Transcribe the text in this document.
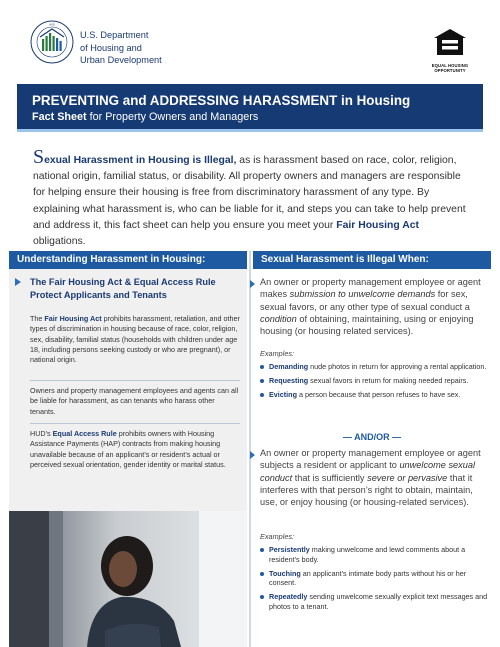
HUD
U.S. Department
of Housing and
Urban Development
EQUAL HOUSING
OPPORTUNITY
PREVENTING and ADDRESSING HARASSMENT in Housing
Fact Sheet for Property Owners and Managers
Sexual Harassment in Housing is Illegal, as is harassment based on race, color, religion, national origin, familial status, or disability. All property owners and managers are responsible for helping ensure their housing is free from discriminatory harassment of any type. By explaining what harassment is, who can be liable for it, and steps you can take to help prevent and address it, this fact sheet can help you ensure you meet your Fair Housing Act obligations.
Understanding Harassment in Housing:	Sexual Harassment is Illegal When:
The Fair Housing Act & Equal Access Rule Protect Applicants and Tenants
The Fair Housing Act prohibits harassment, retaliation, and other types of discrimination in housing because of race, color, religion, sex, disability, familial status (households with children under age 18, including persons seeking custody or who are pregnant), or national origin.
Owners and property management employees and agents can all be liable for harassment, as can tenants who harass other tenants.
HUD’s Equal Access Rule prohibits owners with Housing Assistance Payments (HAP) contracts from making housing unavailable because of an applicant’s or resident’s actual or perceived sexual orientation, gender identity or marital status.
An owner or property management employee or agent makes submission to unwelcome demands for sex, sexual favors, or any other type of sexual conduct a condition of obtaining, maintaining, using or enjoying housing (or housing related services).
Examples:
Demanding nude photos in return for approving a rental application.
Requesting sexual favors in return for making needed repairs.
Evicting a person because that person refuses to have sex.
— AND/OR —
An owner or property management employee or agent subjects a resident or applicant to unwelcome sexual conduct that is sufficiently severe or pervasive that it interferes with that person’s right to obtain, maintain, use, or enjoy housing (or housing-related services).
Examples:
Persistently making unwelcome and lewd comments about a resident’s body.
Touching an applicant’s intimate body parts without his or her consent.
Repeatedly sending unwelcome sexually explicit text messages and photos to a tenant.
